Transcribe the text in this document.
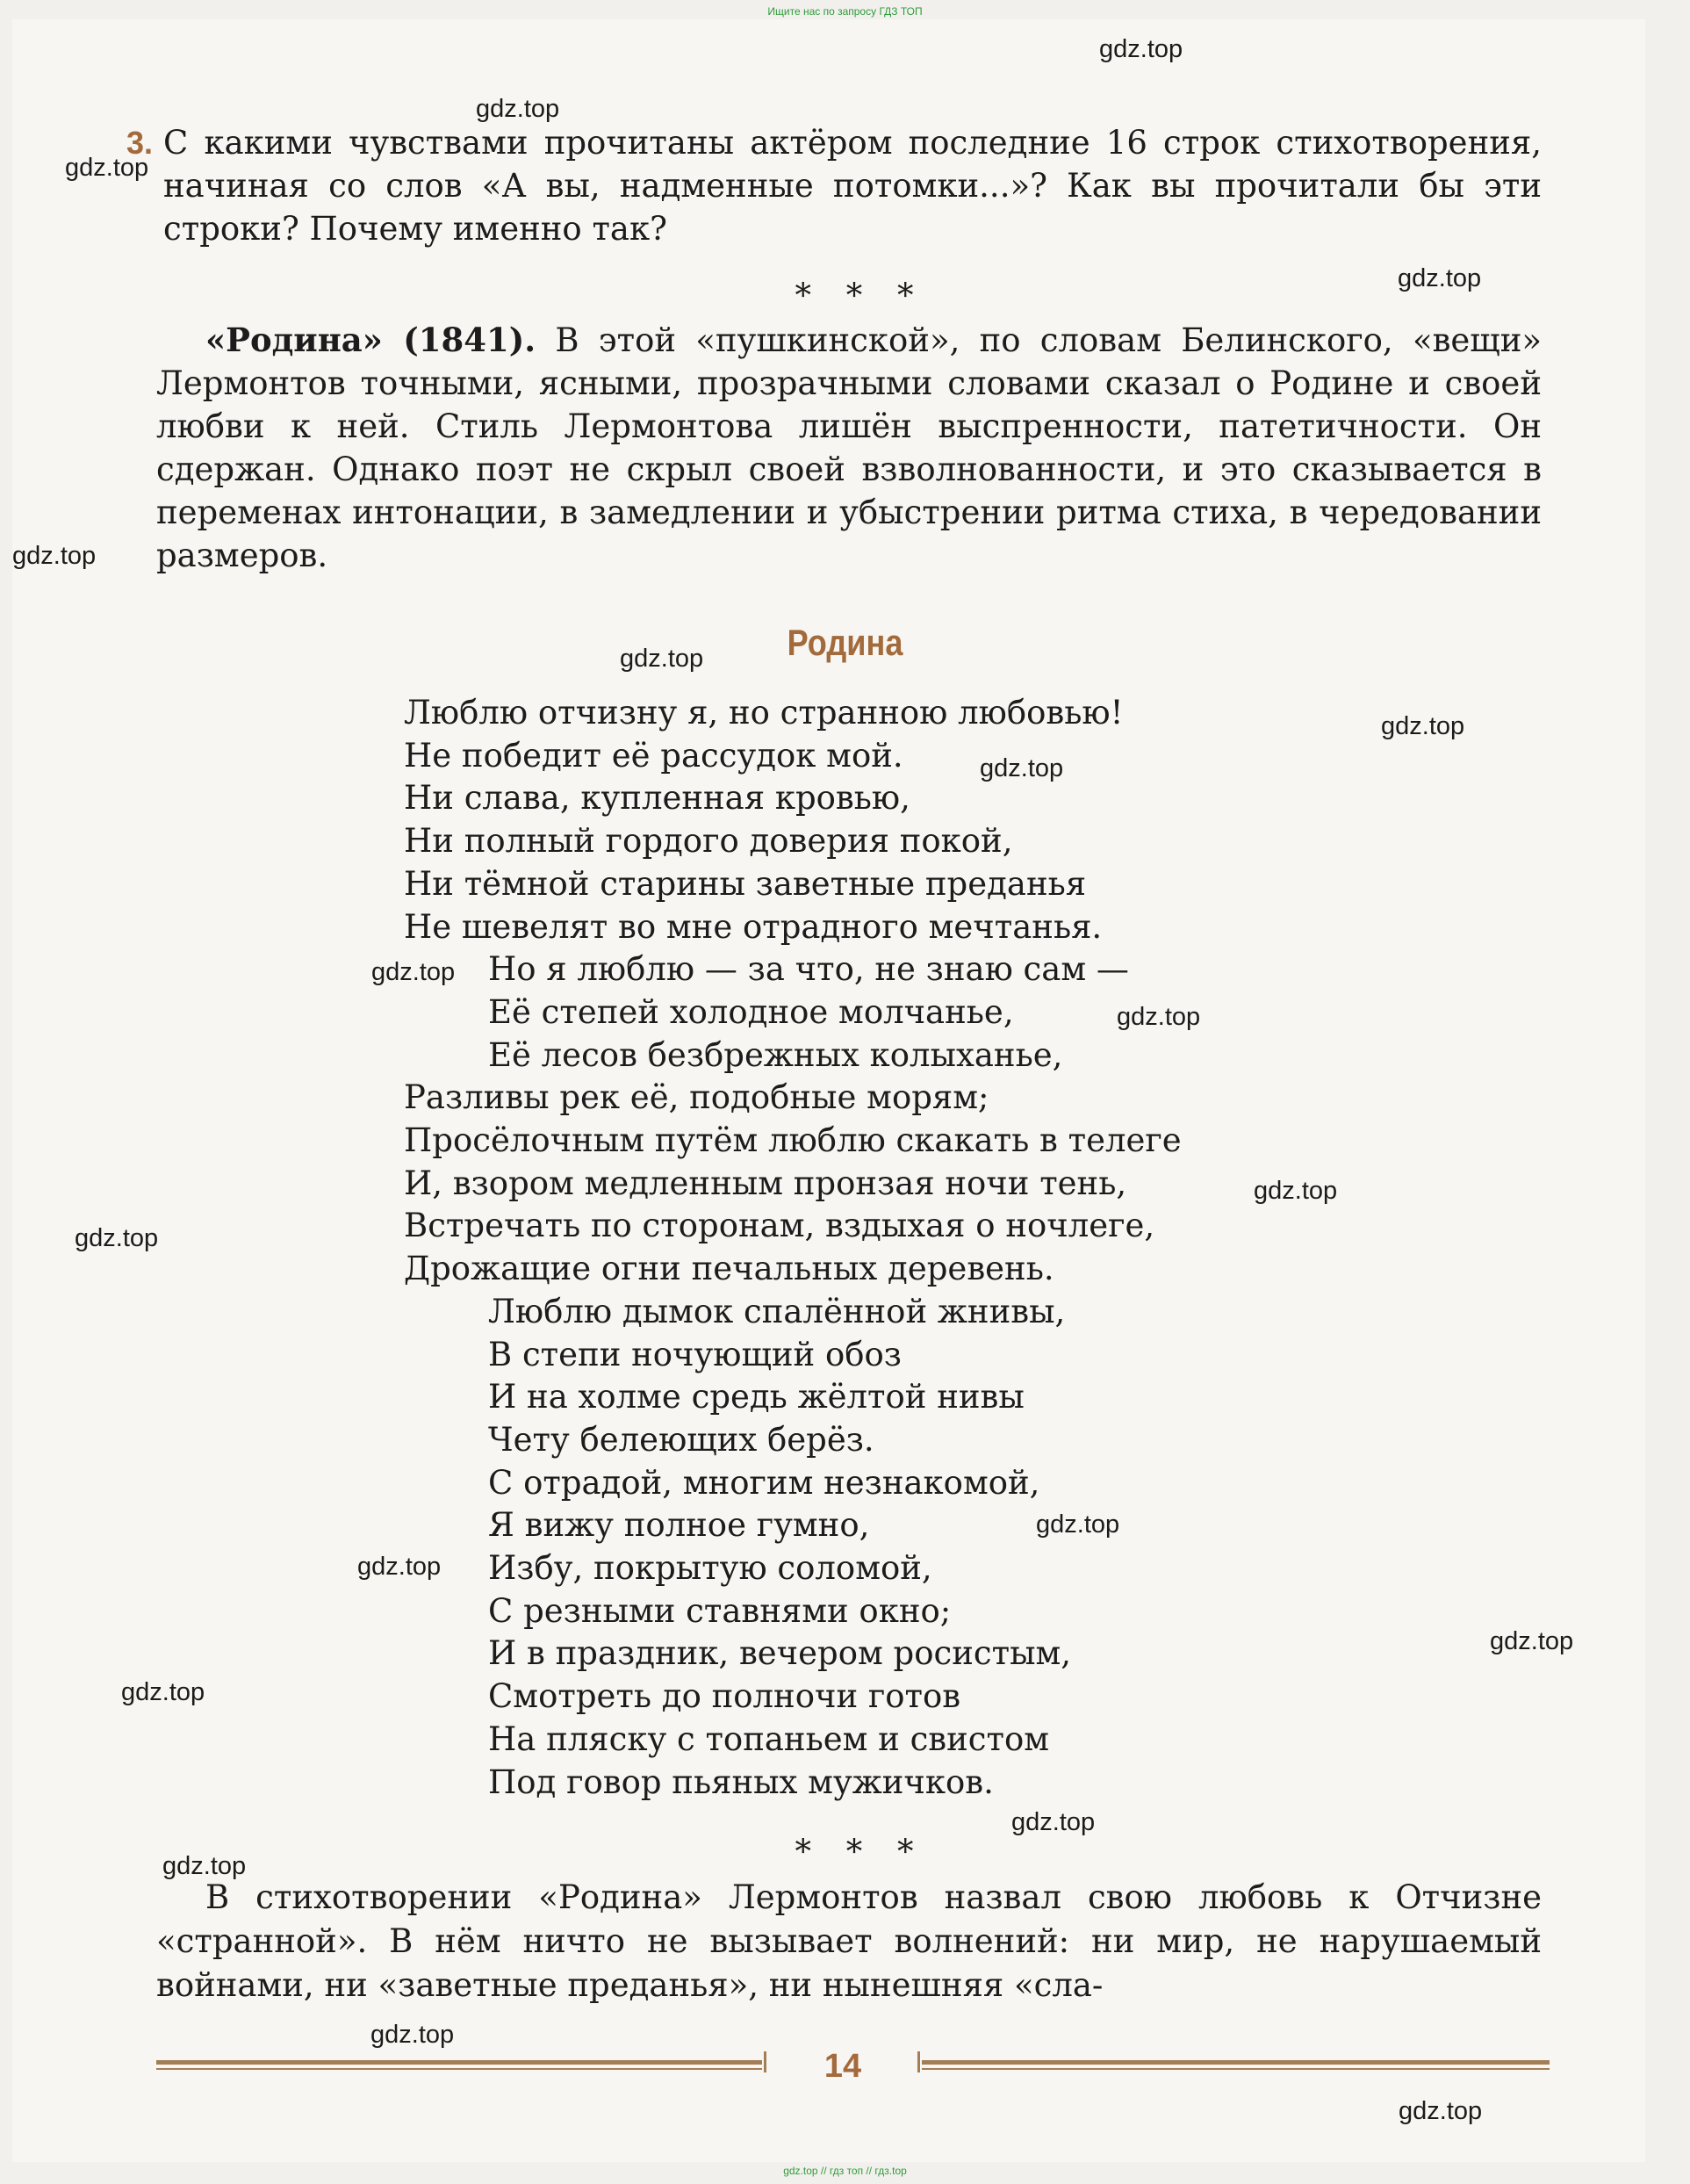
Ищите нас по запросу ГДЗ ТОП
gdz.top
gdz.top
gdz.top
gdz.top
gdz.top
gdz.top
gdz.top
gdz.top
gdz.top
gdz.top
gdz.top
gdz.top
gdz.top
gdz.top
gdz.top
gdz.top
gdz.top
gdz.top
gdz.top
gdz.top
3. С какими чувствами прочитаны актёром последние 16 строк стихотворения, начиная со слов «А вы, надменные потомки...»? Как вы прочитали бы эти строки? Почему именно так?
* * *
«Родина» (1841). В этой «пушкинской», по словам Белинского, «вещи» Лермонтов точными, ясными, прозрачными словами сказал о Родине и своей любви к ней. Стиль Лермонтова лишён выспренности, патетичности. Он сдержан. Однако поэт не скрыл своей взволнованности, и это сказывается в переменах интонации, в замедлении и убыстрении ритма стиха, в чередовании размеров.
Родина
Люблю отчизну я, но странною любовью!
Не победит её рассудок мой.
Ни слава, купленная кровью,
Ни полный гордого доверия покой,
Ни тёмной старины заветные преданья
Не шевелят во мне отрадного мечтанья.
Но я люблю — за что, не знаю сам —
Её степей холодное молчанье,
Её лесов безбрежных колыханье,
Разливы рек её, подобные морям;
Просёлочным путём люблю скакать в телеге
И, взором медленным пронзая ночи тень,
Встречать по сторонам, вздыхая о ночлеге,
Дрожащие огни печальных деревень.
Люблю дымок спалённой жнивы,
В степи ночующий обоз
И на холме средь жёлтой нивы
Чету белеющих берёз.
С отрадой, многим незнакомой,
Я вижу полное гумно,
Избу, покрытую соломой,
С резными ставнями окно;
И в праздник, вечером росистым,
Смотреть до полночи готов
На пляску с топаньем и свистом
Под говор пьяных мужичков.
* * *
В стихотворении «Родина» Лермонтов назвал свою любовь к Отчизне «странной». В нём ничто не вызывает волнений: ни мир, не нарушаемый войнами, ни «заветные преданья», ни нынешняя «сла-
14
gdz.top // гдз топ // гдз.top
